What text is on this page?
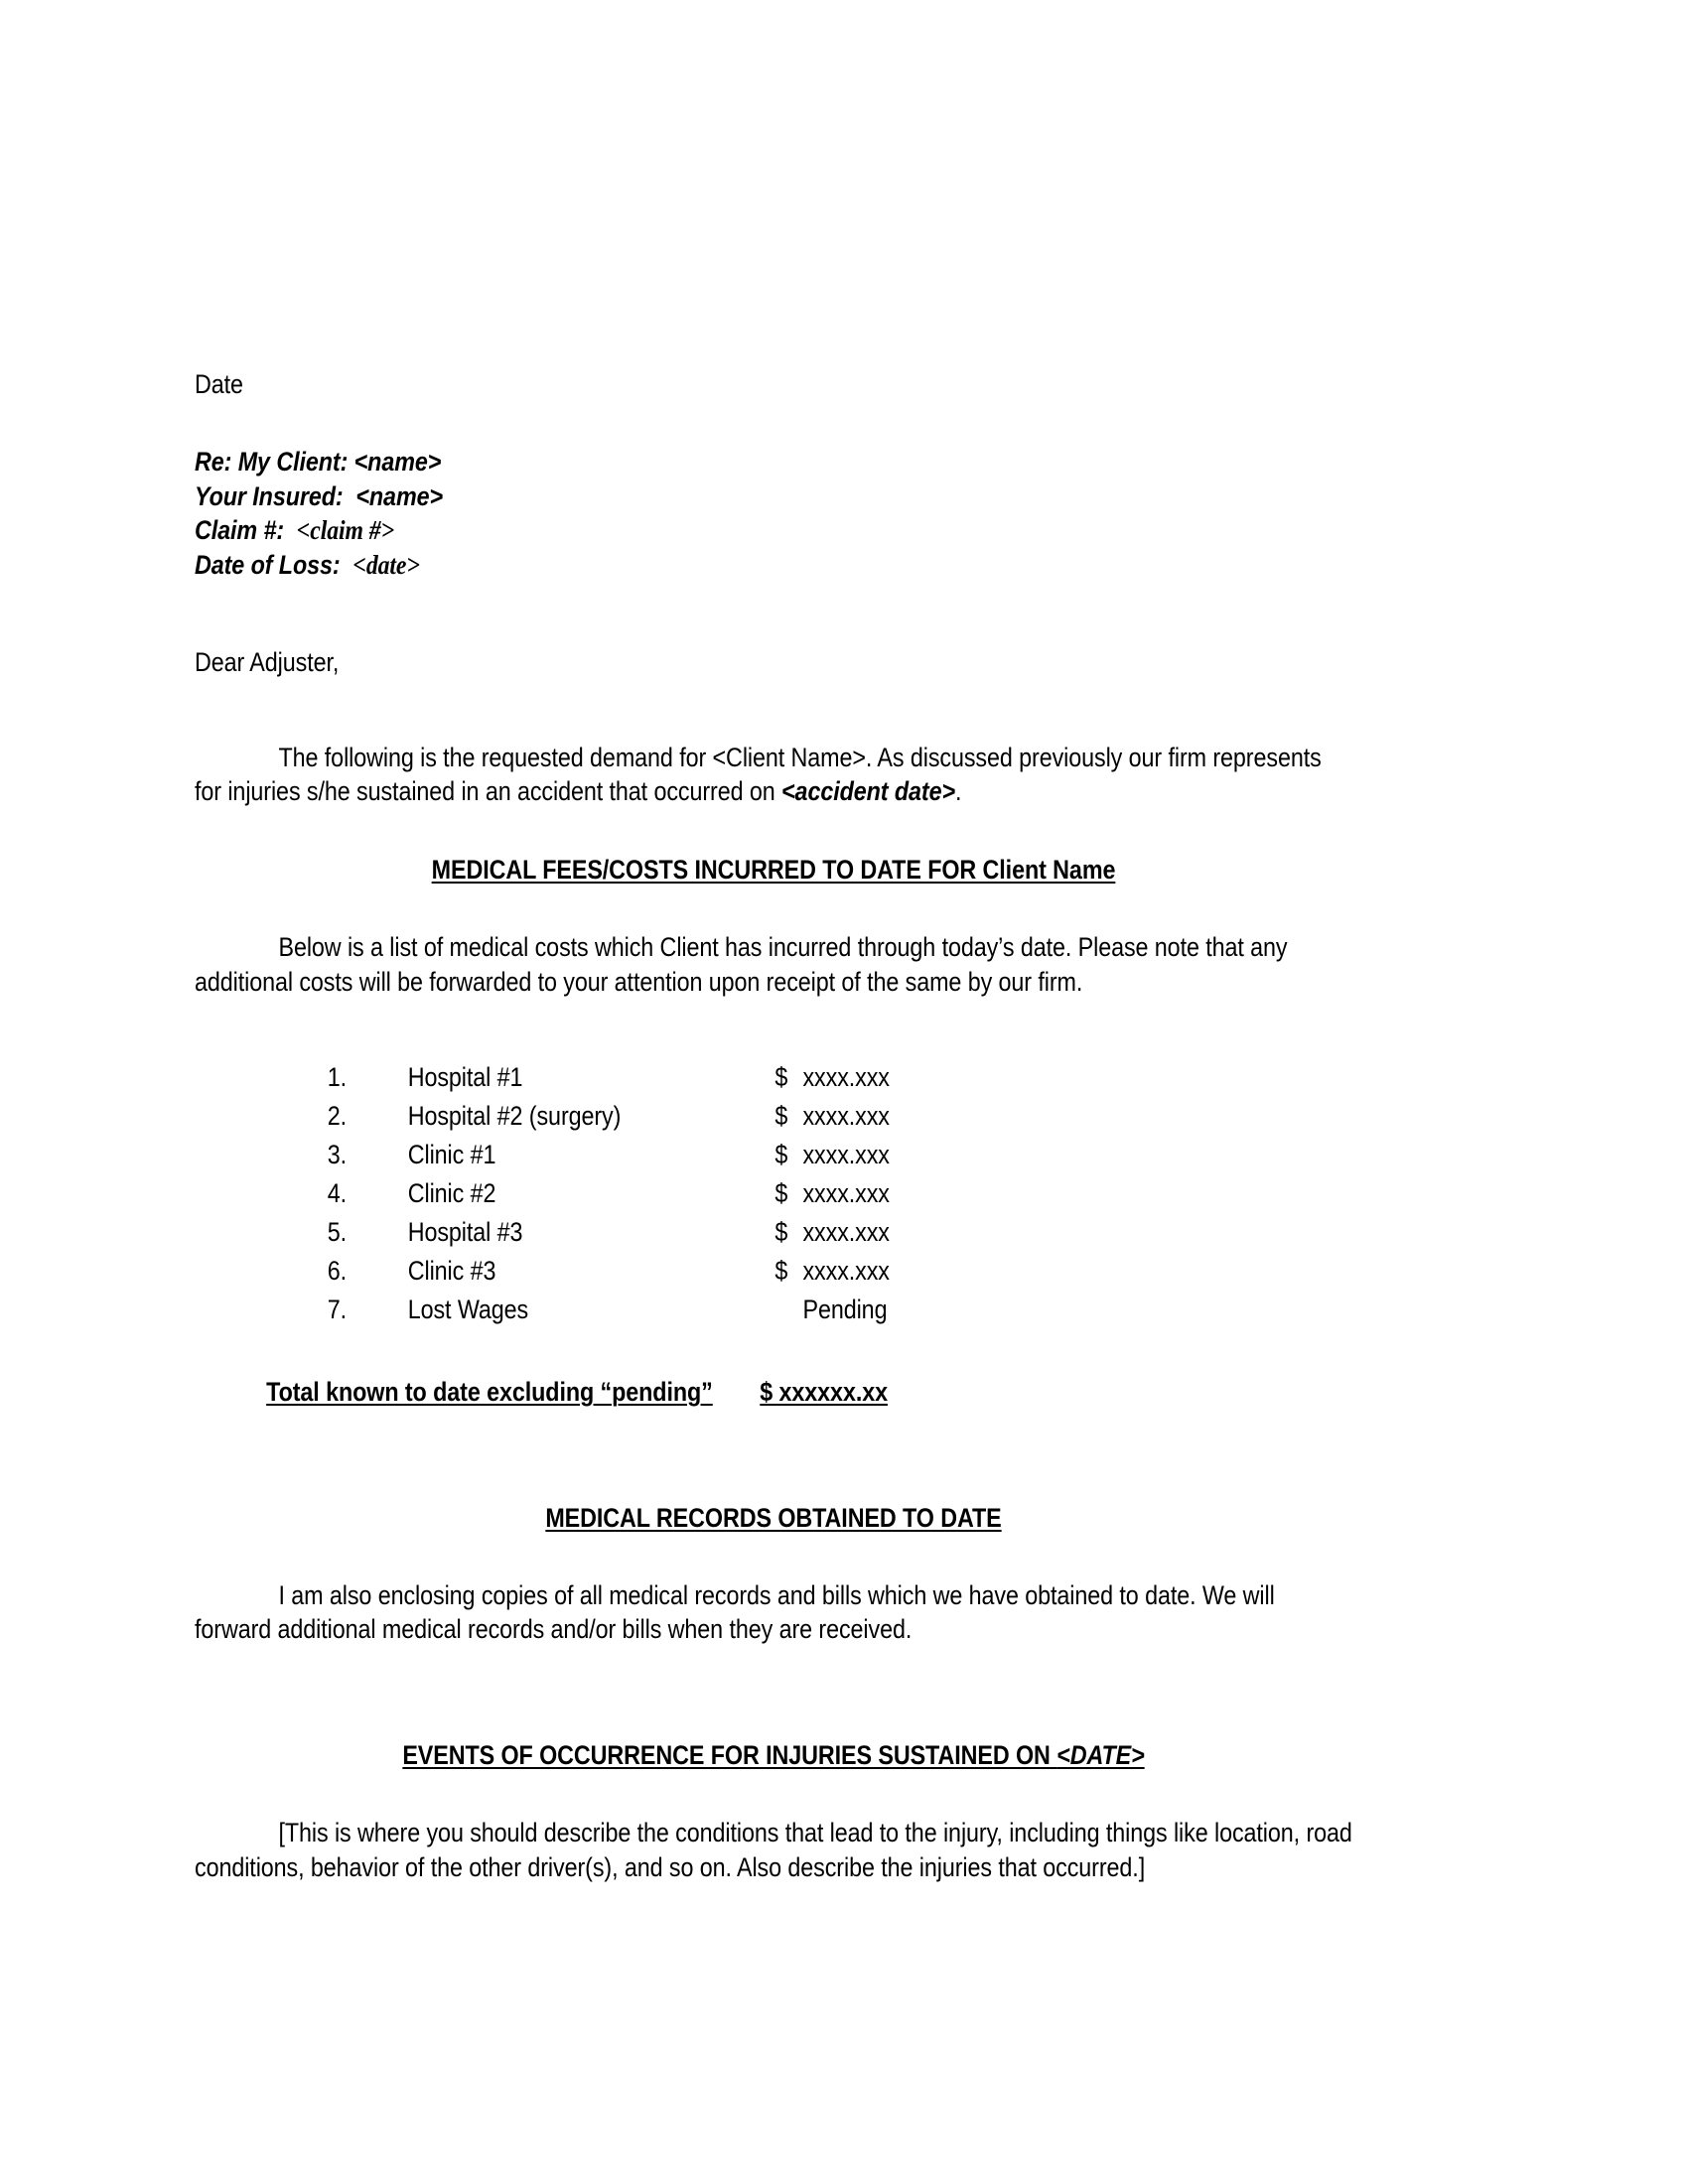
Date
Re: My Client: <name>
Your Insured: <name>
Claim #: <claim #>
Date of Loss: <date>
Dear Adjuster,

The following is the requested demand for <Client Name>. As discussed previously our firm represents for injuries s/he sustained in an accident that occurred on <accident date>.

MEDICAL FEES/COSTS INCURRED TO DATE FOR Client Name

Below is a list of medical costs which Client has incurred through today’s date. Please note that any additional costs will be forwarded to your attention upon receipt of the same by our firm.

1.	Hospital #1	$ xxxx.xxx
2.	Hospital #2 (surgery)	$ xxxx.xxx
3.	Clinic #1	$ xxxx.xxx
4.	Clinic #2	$ xxxx.xxx
5.	Hospital #3	$ xxxx.xxx
6.	Clinic #3	$ xxxx.xxx
7.	Lost Wages	Pending

Total known to date excluding “pending” $ xxxxxx.xx

MEDICAL RECORDS OBTAINED TO DATE

I am also enclosing copies of all medical records and bills which we have obtained to date. We will forward additional medical records and/or bills when they are received.

EVENTS OF OCCURRENCE FOR INJURIES SUSTAINED ON <DATE>

[This is where you should describe the conditions that lead to the injury, including things like location, road conditions, behavior of the other driver(s), and so on. Also describe the injuries that occurred.]
